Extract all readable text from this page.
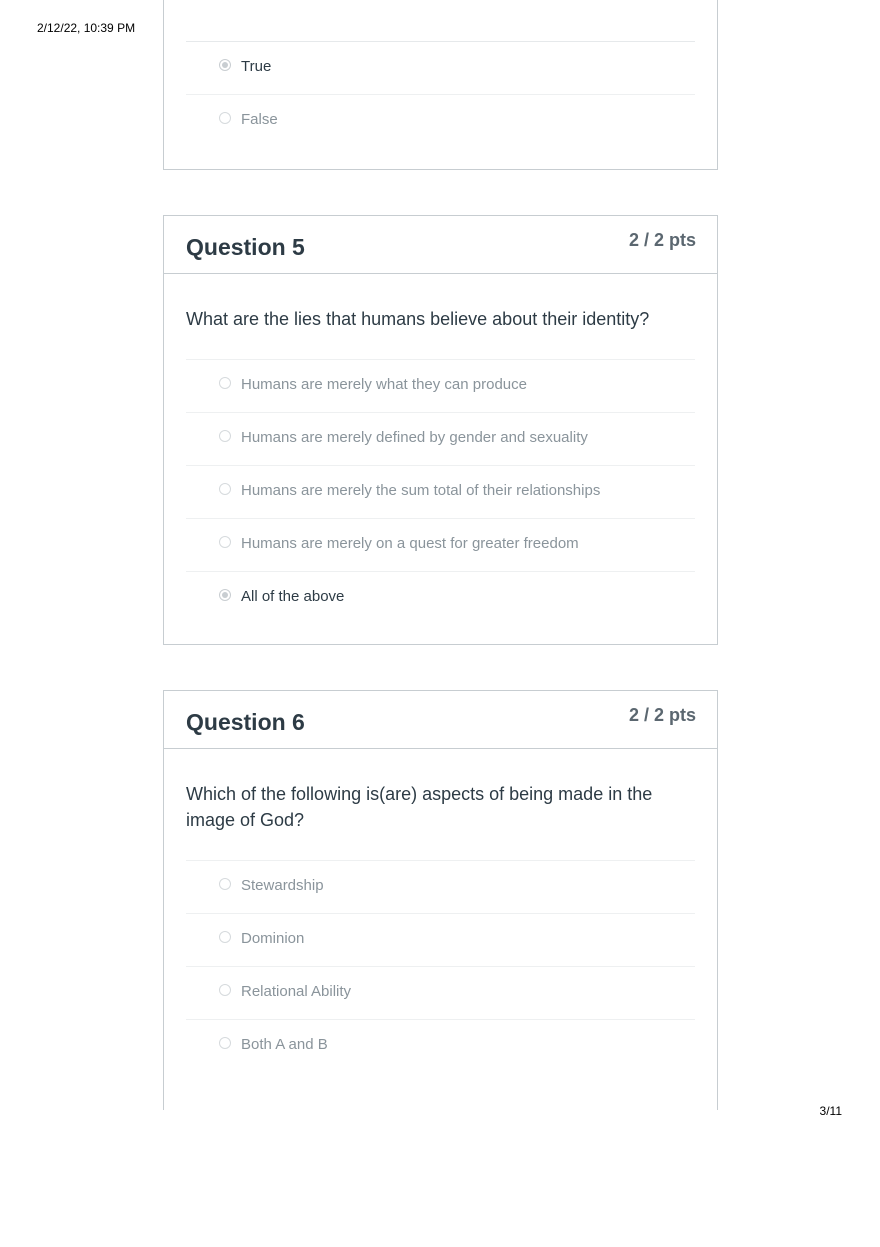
2/12/22, 10:39 PM
True
False
Question 5	2 / 2 pts

What are the lies that humans believe about their identity?

Humans are merely what they can produce
Humans are merely defined by gender and sexuality
Humans are merely the sum total of their relationships
Humans are merely on a quest for greater freedom
All of the above
Question 6	2 / 2 pts

Which of the following is(are) aspects of being made in the image of God?

Stewardship
Dominion
Relational Ability
Both A and B
3/11
